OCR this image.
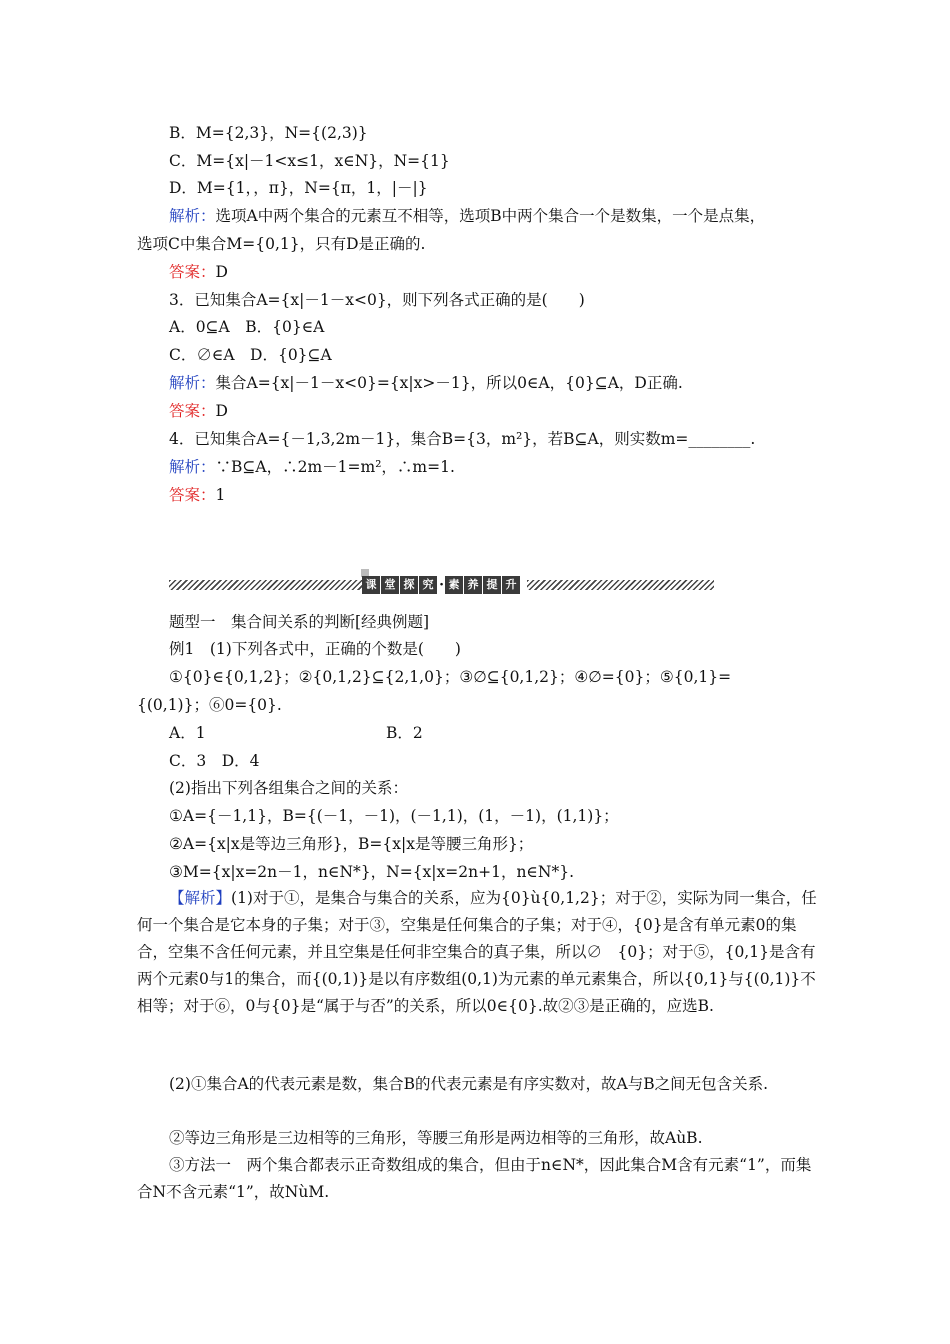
B．M={2,3}，N={(2,3)}
C．M={x|－1<x≤1，x∈N}，N={1}
D．M={1，，π}，N={π，1，|－|}
解析：选项A中两个集合的元素互不相等，选项B中两个集合一个是数集，一个是点集，
选项C中集合M={0,1}，只有D是正确的.
答案：D
3．已知集合A={x|－1－x<0}，则下列各式正确的是(　　)
A．0⊆A　B．{0}∈A
C．∅∈A　D．{0}⊆A
解析：集合A={x|－1－x<0}={x|x>－1}，所以0∈A，{0}⊆A，D正确.
答案：D
4．已知集合A={－1,3,2m－1}，集合B={3，m²}，若B⊆A，则实数m=________.
解析：∵B⊆A，∴2m－1=m²，∴m=1.
答案：1
课 堂 探 究 · 素 养 提 升
题型一　集合间关系的判断[经典例题]
例1　(1)下列各式中，正确的个数是(　　)
①{0}∈{0,1,2}；②{0,1,2}⊆{2,1,0}；③∅⊆{0,1,2}；④∅={0}；⑤{0,1}=
{(0,1)}；⑥0={0}.
A．1	B．2
C．3　D．4
(2)指出下列各组集合之间的关系：
①A={－1,1}，B={(－1，－1)，(－1,1)，(1，－1)，(1,1)}；
②A={x|x是等边三角形}，B={x|x是等腰三角形}；
③M={x|x=2n－1，n∈N*}，N={x|x=2n+1，n∈N*}.
【解析】(1)对于①，是集合与集合的关系，应为{0}ù{0,1,2}；对于②，实际为同一集合，任何一个集合是它本身的子集；对于③，空集是任何集合的子集；对于④，{0}是含有单元素0的集合，空集不含任何元素，并且空集是任何非空集合的真子集，所以∅　{0}；对于⑤，{0,1}是含有两个元素0与1的集合，而{(0,1)}是以有序数组(0,1)为元素的单元素集合，所以{0,1}与{(0,1)}不相等；对于⑥，0与{0}是“属于与否”的关系，所以0∈{0}.故②③是正确的，应选B.
(2)①集合A的代表元素是数，集合B的代表元素是有序实数对，故A与B之间无包含关系.
②等边三角形是三边相等的三角形，等腰三角形是两边相等的三角形，故AùB.
③方法一　两个集合都表示正奇数组成的集合，但由于n∈N*，因此集合M含有元素“1”，而集合N不含元素“1”，故NùM.
